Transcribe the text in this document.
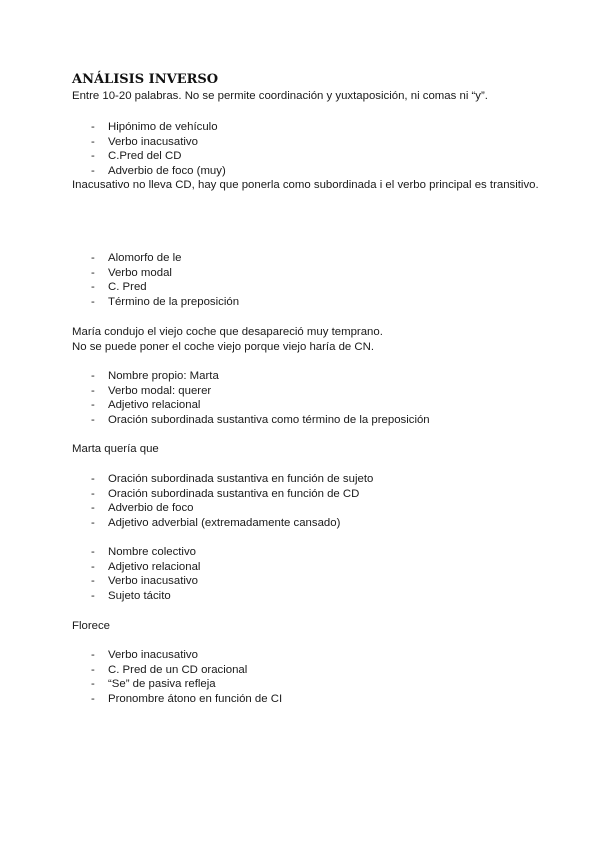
ANÁLISIS INVERSO
Entre 10-20 palabras. No se permite coordinación y yuxtaposición, ni comas ni “y”.
- Hipónimo de vehículo
- Verbo inacusativo
- C.Pred del CD
- Adverbio de foco (muy)
Inacusativo no lleva CD, hay que ponerla como subordinada i el verbo principal es transitivo.
- Alomorfo de le
- Verbo modal
- C. Pred
- Término de la preposición
María condujo el viejo coche que desapareció muy temprano.
No se puede poner el coche viejo porque viejo haría de CN.
- Nombre propio: Marta
- Verbo modal: querer
- Adjetivo relacional
- Oración subordinada sustantiva como término de la preposición
Marta quería que
- Oración subordinada sustantiva en función de sujeto
- Oración subordinada sustantiva en función de CD
- Adverbio de foco
- Adjetivo adverbial (extremadamente cansado)
- Nombre colectivo
- Adjetivo relacional
- Verbo inacusativo
- Sujeto tácito
Florece
- Verbo inacusativo
- C. Pred de un CD oracional
- “Se” de pasiva refleja
- Pronombre átono en función de CI
